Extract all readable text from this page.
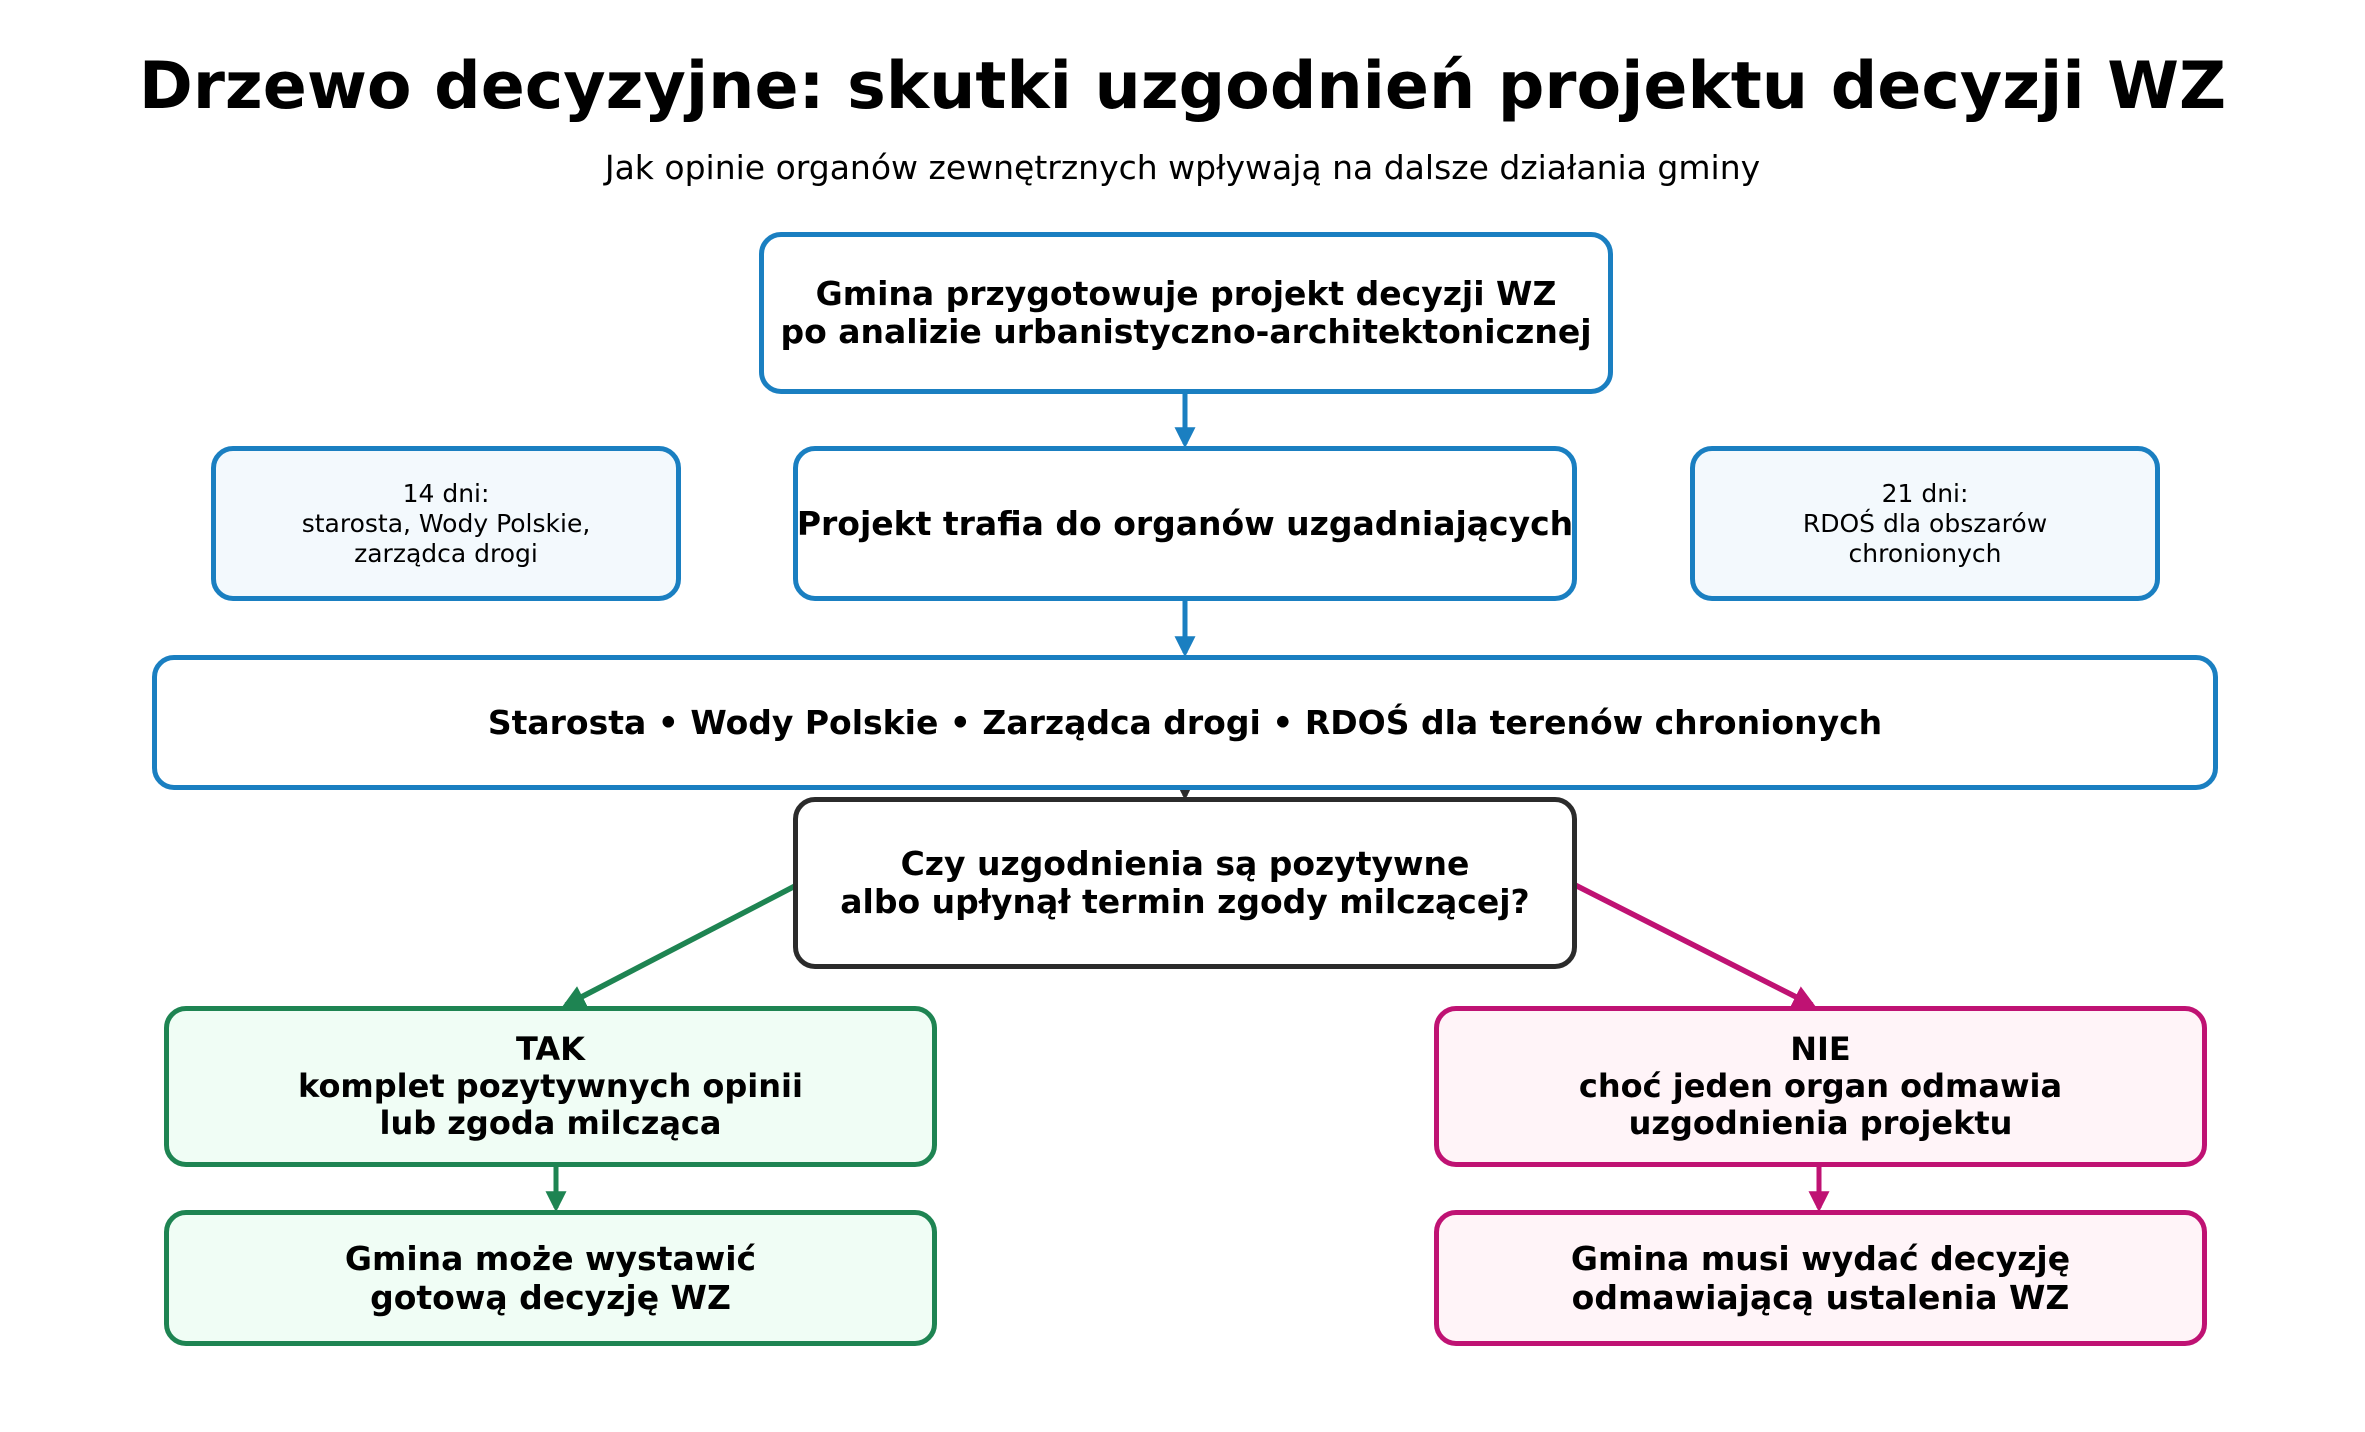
Drzewo decyzyjne: skutki uzgodnień projektu decyzji WZ
Jak opinie organów zewnętrznych wpływają na dalsze działania gminy
Gmina przygotowuje projekt decyzji WZ
po analizie urbanistyczno-architektonicznej
14 dni:
starosta, Wody Polskie,
zarządca drogi
Projekt trafia do organów uzgadniających
21 dni:
RDOŚ dla obszarów
chronionych
Starosta • Wody Polskie • Zarządca drogi • RDOŚ dla terenów chronionych
Czy uzgodnienia są pozytywne
albo upłynął termin zgody milczącej?
TAK
komplet pozytywnych opinii
lub zgoda milcząca
NIE
choć jeden organ odmawia
uzgodnienia projektu
Gmina może wystawić
gotową decyzję WZ
Gmina musi wydać decyzję
odmawiającą ustalenia WZ
